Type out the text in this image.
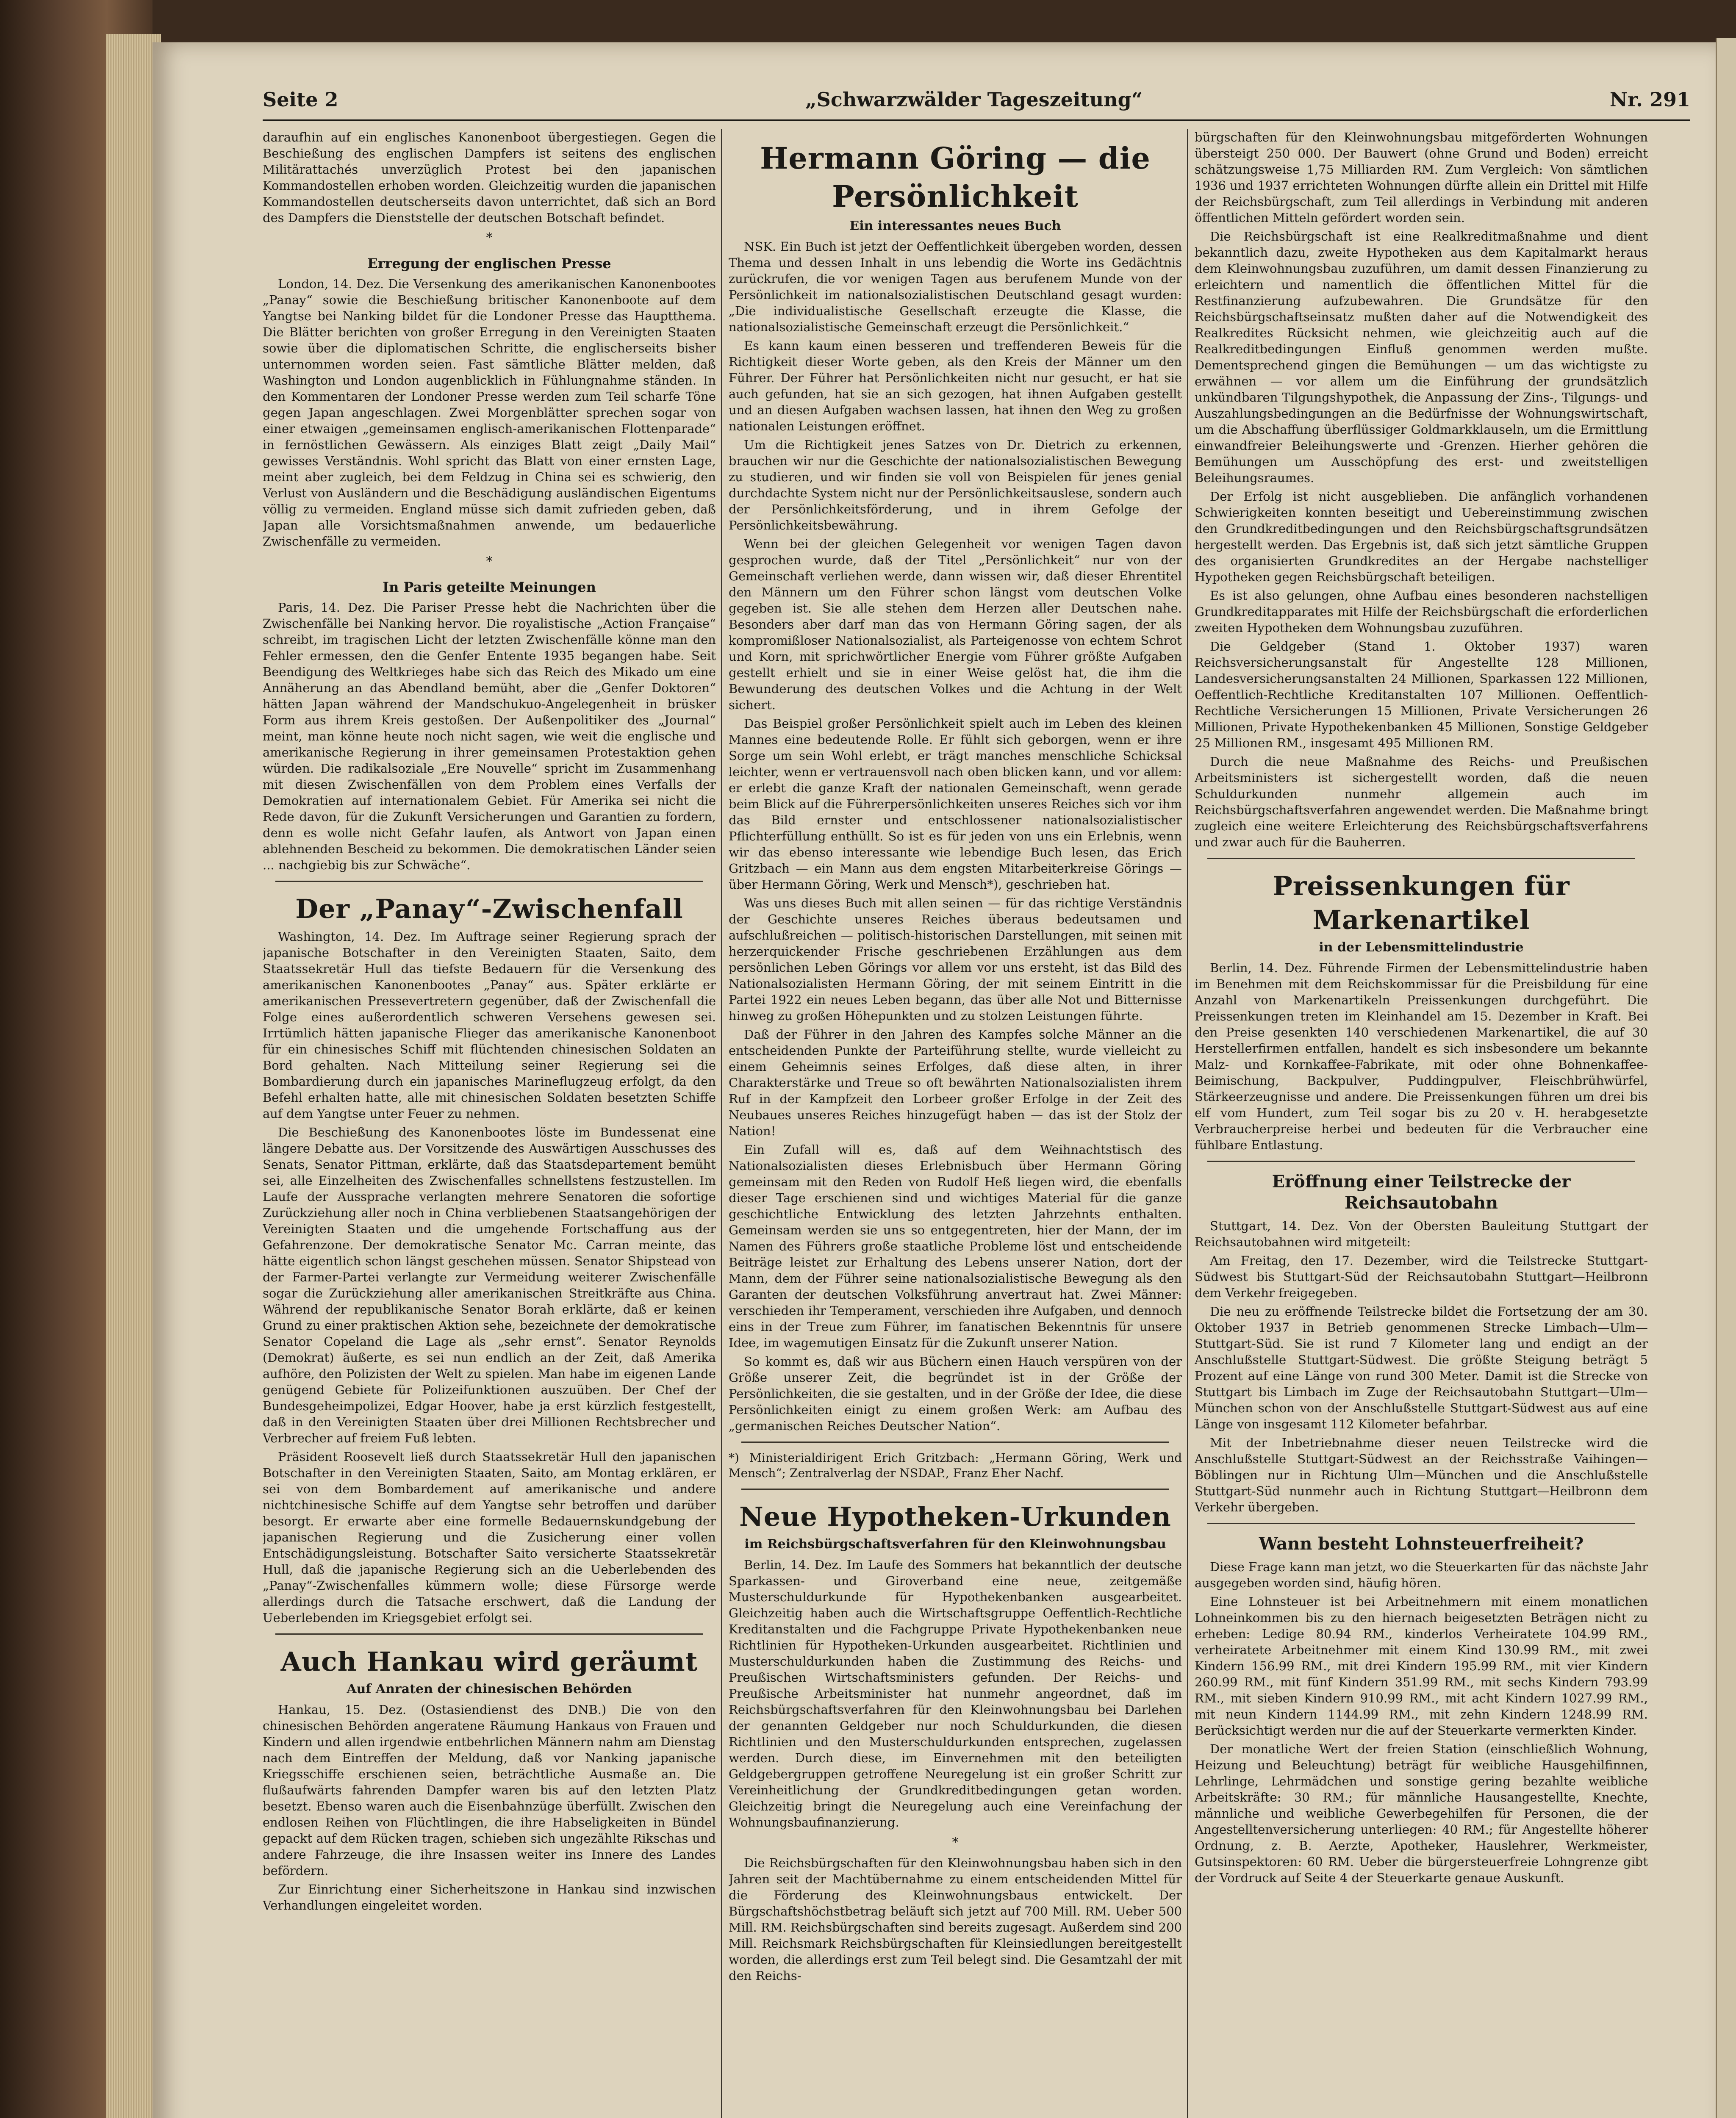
Seite 2	„Schwarzwälder Tageszeitung“	Nr. 291

daraufhin auf ein englisches Kanonenboot übergestiegen. Gegen die Beschießung des englischen Dampfers ist seitens des englischen Militärattachés unverzüglich Protest bei den japanischen Kommandostellen erhoben worden. Gleichzeitig wurden die japanischen Kommandostellen deutscherseits davon unterrichtet, daß sich an Bord des Dampfers die Dienststelle der deutschen Botschaft befindet.

*
Erregung der englischen Presse

London, 14. Dez. Die Versenkung des amerikanischen Kanonenbootes „Panay“ sowie die Beschießung britischer Kanonenboote auf dem Yangtse bei Nanking bildet für die Londoner Presse das Hauptthema. Die Blätter berichten von großer Erregung in den Vereinigten Staaten sowie über die diplomatischen Schritte, die englischerseits bisher unternommen worden seien. Fast sämtliche Blätter melden, daß Washington und London augenblicklich in Fühlungnahme ständen. In den Kommentaren der Londoner Presse werden zum Teil scharfe Töne gegen Japan angeschlagen. Zwei Morgenblätter sprechen sogar von einer etwaigen „gemeinsamen englisch-amerikanischen Flottenparade“ in fernöstlichen Gewässern. Als einziges Blatt zeigt „Daily Mail“ gewisses Verständnis. Wohl spricht das Blatt von einer ernsten Lage, meint aber zugleich, bei dem Feldzug in China sei es schwierig, den Verlust von Ausländern und die Beschädigung ausländischen Eigentums völlig zu vermeiden. England müsse sich damit zufrieden geben, daß Japan alle Vorsichtsmaßnahmen anwende, um bedauerliche Zwischenfälle zu vermeiden.

*
In Paris geteilte Meinungen

Paris, 14. Dez. Die Pariser Presse hebt die Nachrichten über die Zwischenfälle bei Nanking hervor. Die royalistische „Action Française“ schreibt, im tragischen Licht der letzten Zwischenfälle könne man den Fehler ermessen, den die Genfer Entente 1935 begangen habe. Seit Beendigung des Weltkrieges habe sich das Reich des Mikado um eine Annäherung an das Abendland bemüht, aber die „Genfer Doktoren“ hätten Japan während der Mandschukuo-Angelegenheit in brüsker Form aus ihrem Kreis gestoßen. Der Außenpolitiker des „Journal“ meint, man könne heute noch nicht sagen, wie weit die englische und amerikanische Regierung in ihrer gemeinsamen Protestaktion gehen würden. Die radikalsoziale „Ere Nouvelle“ spricht im Zusammenhang mit diesen Zwischenfällen von dem Problem eines Verfalls der Demokratien auf internationalem Gebiet. Für Amerika sei nicht die Rede davon, für die Zukunft Versicherungen und Garantien zu fordern, denn es wolle nicht Gefahr laufen, als Antwort von Japan einen ablehnenden Bescheid zu bekommen. Die demokratischen Länder seien ... nachgiebig bis zur Schwäche“.

Der „Panay“-Zwischenfall

Washington, 14. Dez. Im Auftrage seiner Regierung sprach der japanische Botschafter in den Vereinigten Staaten, Saito, dem Staatssekretär Hull das tiefste Bedauern für die Versenkung des amerikanischen Kanonenbootes „Panay“ aus. Später erklärte er amerikanischen Pressevertretern gegenüber, daß der Zwischenfall die Folge eines außerordentlich schweren Versehens gewesen sei. Irrtümlich hätten japanische Flieger das amerikanische Kanonenboot für ein chinesisches Schiff mit flüchtenden chinesischen Soldaten an Bord gehalten. Nach Mitteilung seiner Regierung sei die Bombardierung durch ein japanisches Marineflugzeug erfolgt, da den Befehl erhalten hatte, alle mit chinesischen Soldaten besetzten Schiffe auf dem Yangtse unter Feuer zu nehmen.

Die Beschießung des Kanonenbootes löste im Bundessenat eine längere Debatte aus. Der Vorsitzende des Auswärtigen Ausschusses des Senats, Senator Pittman, erklärte, daß das Staatsdepartement bemüht sei, alle Einzelheiten des Zwischenfalles schnellstens festzustellen. Im Laufe der Aussprache verlangten mehrere Senatoren die sofortige Zurückziehung aller noch in China verbliebenen Staatsangehörigen der Vereinigten Staaten und die umgehende Fortschaffung aus der Gefahrenzone. Der demokratische Senator Mc. Carran meinte, das hätte eigentlich schon längst geschehen müssen. Senator Shipstead von der Farmer-Partei verlangte zur Vermeidung weiterer Zwischenfälle sogar die Zurückziehung aller amerikanischen Streitkräfte aus China. Während der republikanische Senator Borah erklärte, daß er keinen Grund zu einer praktischen Aktion sehe, bezeichnete der demokratische Senator Copeland die Lage als „sehr ernst“. Senator Reynolds (Demokrat) äußerte, es sei nun endlich an der Zeit, daß Amerika aufhöre, den Polizisten der Welt zu spielen. Man habe im eigenen Lande genügend Gebiete für Polizeifunktionen auszuüben. Der Chef der Bundesgeheimpolizei, Edgar Hoover, habe ja erst kürzlich festgestellt, daß in den Vereinigten Staaten über drei Millionen Rechtsbrecher und Verbrecher auf freiem Fuß lebten.

Präsident Roosevelt ließ durch Staatssekretär Hull den japanischen Botschafter in den Vereinigten Staaten, Saito, am Montag erklären, er sei von dem Bombardement auf amerikanische und andere nichtchinesische Schiffe auf dem Yangtse sehr betroffen und darüber besorgt. Er erwarte aber eine formelle Bedauernskundgebung der japanischen Regierung und die Zusicherung einer vollen Entschädigungsleistung. Botschafter Saito versicherte Staatssekretär Hull, daß die japanische Regierung sich an die Ueberlebenden des „Panay“-Zwischenfalles kümmern wolle; diese Fürsorge werde allerdings durch die Tatsache erschwert, daß die Landung der Ueberlebenden im Kriegsgebiet erfolgt sei.

Auch Hankau wird geräumt
Auf Anraten der chinesischen Behörden

Hankau, 15. Dez. (Ostasiendienst des DNB.) Die von den chinesischen Behörden angeratene Räumung Hankaus von Frauen und Kindern und allen irgendwie entbehrlichen Männern nahm am Dienstag nach dem Eintreffen der Meldung, daß vor Nanking japanische Kriegsschiffe erschienen seien, beträchtliche Ausmaße an. Die flußaufwärts fahrenden Dampfer waren bis auf den letzten Platz besetzt. Ebenso waren auch die Eisenbahnzüge überfüllt. Zwischen den endlosen Reihen von Flüchtlingen, die ihre Habseligkeiten in Bündel gepackt auf dem Rücken tragen, schieben sich ungezählte Rikschas und andere Fahrzeuge, die ihre Insassen weiter ins Innere des Landes befördern.

Zur Einrichtung einer Sicherheitszone in Hankau sind inzwischen Verhandlungen eingeleitet worden.

Hermann Göring — die Persönlichkeit
Ein interessantes neues Buch

NSK. Ein Buch ist jetzt der Oeffentlichkeit übergeben worden, dessen Thema und dessen Inhalt in uns lebendig die Worte ins Gedächtnis zurückrufen, die vor wenigen Tagen aus berufenem Munde von der Persönlichkeit im nationalsozialistischen Deutschland gesagt wurden: „Die individualistische Gesellschaft erzeugte die Klasse, die nationalsozialistische Gemeinschaft erzeugt die Persönlichkeit.“

Es kann kaum einen besseren und treffenderen Beweis für die Richtigkeit dieser Worte geben, als den Kreis der Männer um den Führer. Der Führer hat Persönlichkeiten nicht nur gesucht, er hat sie auch gefunden, hat sie an sich gezogen, hat ihnen Aufgaben gestellt und an diesen Aufgaben wachsen lassen, hat ihnen den Weg zu großen nationalen Leistungen eröffnet.

Um die Richtigkeit jenes Satzes von Dr. Dietrich zu erkennen, brauchen wir nur die Geschichte der nationalsozialistischen Bewegung zu studieren, und wir finden sie voll von Beispielen für jenes genial durchdachte System nicht nur der Persönlichkeitsauslese, sondern auch der Persönlichkeitsförderung, und in ihrem Gefolge der Persönlichkeitsbewährung.

Wenn bei der gleichen Gelegenheit vor wenigen Tagen davon gesprochen wurde, daß der Titel „Persönlichkeit“ nur von der Gemeinschaft verliehen werde, dann wissen wir, daß dieser Ehrentitel den Männern um den Führer schon längst vom deutschen Volke gegeben ist. Sie alle stehen dem Herzen aller Deutschen nahe. Besonders aber darf man das von Hermann Göring sagen, der als kompromißloser Nationalsozialist, als Parteigenosse von echtem Schrot und Korn, mit sprichwörtlicher Energie vom Führer größte Aufgaben gestellt erhielt und sie in einer Weise gelöst hat, die ihm die Bewunderung des deutschen Volkes und die Achtung in der Welt sichert.

Das Beispiel großer Persönlichkeit spielt auch im Leben des kleinen Mannes eine bedeutende Rolle. Er fühlt sich geborgen, wenn er ihre Sorge um sein Wohl erlebt, er trägt manches menschliche Schicksal leichter, wenn er vertrauensvoll nach oben blicken kann, und vor allem: er erlebt die ganze Kraft der nationalen Gemeinschaft, wenn gerade beim Blick auf die Führerpersönlichkeiten unseres Reiches sich vor ihm das Bild ernster und entschlossener nationalsozialistischer Pflichterfüllung enthüllt. So ist es für jeden von uns ein Erlebnis, wenn wir das ebenso interessante wie lebendige Buch lesen, das Erich Gritzbach — ein Mann aus dem engsten Mitarbeiterkreise Görings — über Hermann Göring, Werk und Mensch*), geschrieben hat.

Was uns dieses Buch mit allen seinen — für das richtige Verständnis der Geschichte unseres Reiches überaus bedeutsamen und aufschlußreichen — politisch-historischen Darstellungen, mit seinen mit herzerquickender Frische geschriebenen Erzählungen aus dem persönlichen Leben Görings vor allem vor uns ersteht, ist das Bild des Nationalsozialisten Hermann Göring, der mit seinem Eintritt in die Partei 1922 ein neues Leben begann, das über alle Not und Bitternisse hinweg zu großen Höhepunkten und zu stolzen Leistungen führte.

Daß der Führer in den Jahren des Kampfes solche Männer an die entscheidenden Punkte der Parteiführung stellte, wurde vielleicht zu einem Geheimnis seines Erfolges, daß diese alten, in ihrer Charakterstärke und Treue so oft bewährten Nationalsozialisten ihrem Ruf in der Kampfzeit den Lorbeer großer Erfolge in der Zeit des Neubaues unseres Reiches hinzugefügt haben — das ist der Stolz der Nation!

Ein Zufall will es, daß auf dem Weihnachtstisch des Nationalsozialisten dieses Erlebnisbuch über Hermann Göring gemeinsam mit den Reden von Rudolf Heß liegen wird, die ebenfalls dieser Tage erschienen sind und wichtiges Material für die ganze geschichtliche Entwicklung des letzten Jahrzehnts enthalten. Gemeinsam werden sie uns so entgegentreten, hier der Mann, der im Namen des Führers große staatliche Probleme löst und entscheidende Beiträge leistet zur Erhaltung des Lebens unserer Nation, dort der Mann, dem der Führer seine nationalsozialistische Bewegung als den Garanten der deutschen Volksführung anvertraut hat. Zwei Männer: verschieden ihr Temperament, verschieden ihre Aufgaben, und dennoch eins in der Treue zum Führer, im fanatischen Bekenntnis für unsere Idee, im wagemutigen Einsatz für die Zukunft unserer Nation.

So kommt es, daß wir aus Büchern einen Hauch verspüren von der Größe unserer Zeit, die begründet ist in der Größe der Persönlichkeiten, die sie gestalten, und in der Größe der Idee, die diese Persönlichkeiten einigt zu einem großen Werk: am Aufbau des „germanischen Reiches Deutscher Nation“.

*) Ministerialdirigent Erich Gritzbach: „Hermann Göring, Werk und Mensch“; Zentralverlag der NSDAP., Franz Eher Nachf.
Neue Hypotheken-Urkunden
im Reichsbürgschaftsverfahren für den Kleinwohnungsbau

Berlin, 14. Dez. Im Laufe des Sommers hat bekanntlich der deutsche Sparkassen- und Giroverband eine neue, zeitgemäße Musterschuldurkunde für Hypothekenbanken ausgearbeitet. Gleichzeitig haben auch die Wirtschaftsgruppe Oeffentlich-Rechtliche Kreditanstalten und die Fachgruppe Private Hypothekenbanken neue Richtlinien für Hypotheken-Urkunden ausgearbeitet. Richtlinien und Musterschuldurkunden haben die Zustimmung des Reichs- und Preußischen Wirtschaftsministers gefunden. Der Reichs- und Preußische Arbeitsminister hat nunmehr angeordnet, daß im Reichsbürgschaftsverfahren für den Kleinwohnungsbau bei Darlehen der genannten Geldgeber nur noch Schuldurkunden, die diesen Richtlinien und den Musterschuldurkunden entsprechen, zugelassen werden. Durch diese, im Einvernehmen mit den beteiligten Geldgebergruppen getroffene Neuregelung ist ein großer Schritt zur Vereinheitlichung der Grundkreditbedingungen getan worden. Gleichzeitig bringt die Neuregelung auch eine Vereinfachung der Wohnungsbaufinanzierung.

*

Die Reichsbürgschaften für den Kleinwohnungsbau haben sich in den Jahren seit der Machtübernahme zu einem entscheidenden Mittel für die Förderung des Kleinwohnungsbaus entwickelt. Der Bürgschaftshöchstbetrag beläuft sich jetzt auf 700 Mill. RM. Ueber 500 Mill. RM. Reichsbürgschaften sind bereits zugesagt. Außerdem sind 200 Mill. Reichsmark Reichsbürgschaften für Kleinsiedlungen bereitgestellt worden, die allerdings erst zum Teil belegt sind. Die Gesamtzahl der mit den Reichs-

bürgschaften für den Kleinwohnungsbau mitgeförderten Wohnungen übersteigt 250 000. Der Bauwert (ohne Grund und Boden) erreicht schätzungsweise 1,75 Milliarden RM. Zum Vergleich: Von sämtlichen 1936 und 1937 errichteten Wohnungen dürfte allein ein Drittel mit Hilfe der Reichsbürgschaft, zum Teil allerdings in Verbindung mit anderen öffentlichen Mitteln gefördert worden sein.

Die Reichsbürgschaft ist eine Realkreditmaßnahme und dient bekanntlich dazu, zweite Hypotheken aus dem Kapitalmarkt heraus dem Kleinwohnungsbau zuzuführen, um damit dessen Finanzierung zu erleichtern und namentlich die öffentlichen Mittel für die Restfinanzierung aufzubewahren. Die Grundsätze für den Reichsbürgschaftseinsatz mußten daher auf die Notwendigkeit des Realkredites Rücksicht nehmen, wie gleichzeitig auch auf die Realkreditbedingungen Einfluß genommen werden mußte. Dementsprechend gingen die Bemühungen — um das wichtigste zu erwähnen — vor allem um die Einführung der grundsätzlich unkündbaren Tilgungshypothek, die Anpassung der Zins-, Tilgungs- und Auszahlungsbedingungen an die Bedürfnisse der Wohnungswirtschaft, um die Abschaffung überflüssiger Goldmarkklauseln, um die Ermittlung einwandfreier Beleihungswerte und -Grenzen. Hierher gehören die Bemühungen um Ausschöpfung des erst- und zweitstelligen Beleihungsraumes.

Der Erfolg ist nicht ausgeblieben. Die anfänglich vorhandenen Schwierigkeiten konnten beseitigt und Uebereinstimmung zwischen den Grundkreditbedingungen und den Reichsbürgschaftsgrundsätzen hergestellt werden. Das Ergebnis ist, daß sich jetzt sämtliche Gruppen des organisierten Grundkredites an der Hergabe nachstelliger Hypotheken gegen Reichsbürgschaft beteiligen.

Es ist also gelungen, ohne Aufbau eines besonderen nachstelligen Grundkreditapparates mit Hilfe der Reichsbürgschaft die erforderlichen zweiten Hypotheken dem Wohnungsbau zuzuführen.

Die Geldgeber (Stand 1. Oktober 1937) waren Reichsversicherungsanstalt für Angestellte 128 Millionen, Landesversicherungsanstalten 24 Millionen, Sparkassen 122 Millionen, Oeffentlich-Rechtliche Kreditanstalten 107 Millionen. Oeffentlich-Rechtliche Versicherungen 15 Millionen, Private Versicherungen 26 Millionen, Private Hypothekenbanken 45 Millionen, Sonstige Geldgeber 25 Millionen RM., insgesamt 495 Millionen RM.

Durch die neue Maßnahme des Reichs- und Preußischen Arbeitsministers ist sichergestellt worden, daß die neuen Schuldurkunden nunmehr allgemein auch im Reichsbürgschaftsverfahren angewendet werden. Die Maßnahme bringt zugleich eine weitere Erleichterung des Reichsbürgschaftsverfahrens und zwar auch für die Bauherren.

Preissenkungen für Markenartikel
in der Lebensmittelindustrie

Berlin, 14. Dez. Führende Firmen der Lebensmittelindustrie haben im Benehmen mit dem Reichskommissar für die Preisbildung für eine Anzahl von Markenartikeln Preissenkungen durchgeführt. Die Preissenkungen treten im Kleinhandel am 15. Dezember in Kraft. Bei den Preise gesenkten 140 verschiedenen Markenartikel, die auf 30 Herstellerfirmen entfallen, handelt es sich insbesondere um bekannte Malz- und Kornkaffee-Fabrikate, mit oder ohne Bohnenkaffee-Beimischung, Backpulver, Puddingpulver, Fleischbrühwürfel, Stärkeerzeugnisse und andere. Die Preissenkungen führen um drei bis elf vom Hundert, zum Teil sogar bis zu 20 v. H. herabgesetzte Verbraucherpreise herbei und bedeuten für die Verbraucher eine fühlbare Entlastung.

Eröffnung einer Teilstrecke der Reichsautobahn

Stuttgart, 14. Dez. Von der Obersten Bauleitung Stuttgart der Reichsautobahnen wird mitgeteilt:

Am Freitag, den 17. Dezember, wird die Teilstrecke Stuttgart-Südwest bis Stuttgart-Süd der Reichsautobahn Stuttgart—Heilbronn dem Verkehr freigegeben.

Die neu zu eröffnende Teilstrecke bildet die Fortsetzung der am 30. Oktober 1937 in Betrieb genommenen Strecke Limbach—Ulm—Stuttgart-Süd. Sie ist rund 7 Kilometer lang und endigt an der Anschlußstelle Stuttgart-Südwest. Die größte Steigung beträgt 5 Prozent auf eine Länge von rund 300 Meter. Damit ist die Strecke von Stuttgart bis Limbach im Zuge der Reichsautobahn Stuttgart—Ulm—München schon von der Anschlußstelle Stuttgart-Südwest aus auf eine Länge von insgesamt 112 Kilometer befahrbar.

Mit der Inbetriebnahme dieser neuen Teilstrecke wird die Anschlußstelle Stuttgart-Südwest an der Reichsstraße Vaihingen—Böblingen nur in Richtung Ulm—München und die Anschlußstelle Stuttgart-Süd nunmehr auch in Richtung Stuttgart—Heilbronn dem Verkehr übergeben.

Wann besteht Lohnsteuerfreiheit?

Diese Frage kann man jetzt, wo die Steuerkarten für das nächste Jahr ausgegeben worden sind, häufig hören.

Eine Lohnsteuer ist bei Arbeitnehmern mit einem monatlichen Lohneinkommen bis zu den hiernach beigesetzten Beträgen nicht zu erheben: Ledige 80.94 RM., kinderlos Verheiratete 104.99 RM., verheiratete Arbeitnehmer mit einem Kind 130.99 RM., mit zwei Kindern 156.99 RM., mit drei Kindern 195.99 RM., mit vier Kindern 260.99 RM., mit fünf Kindern 351.99 RM., mit sechs Kindern 793.99 RM., mit sieben Kindern 910.99 RM., mit acht Kindern 1027.99 RM., mit neun Kindern 1144.99 RM., mit zehn Kindern 1248.99 RM. Berücksichtigt werden nur die auf der Steuerkarte vermerkten Kinder.

Der monatliche Wert der freien Station (einschließlich Wohnung, Heizung und Beleuchtung) beträgt für weibliche Hausgehilfinnen, Lehrlinge, Lehrmädchen und sonstige gering bezahlte weibliche Arbeitskräfte: 30 RM.; für männliche Hausangestellte, Knechte, männliche und weibliche Gewerbegehilfen für Personen, die der Angestelltenversicherung unterliegen: 40 RM.; für Angestellte höherer Ordnung, z. B. Aerzte, Apotheker, Hauslehrer, Werkmeister, Gutsinspektoren: 60 RM. Ueber die bürgersteuerfreie Lohngrenze gibt der Vordruck auf Seite 4 der Steuerkarte genaue Auskunft.
